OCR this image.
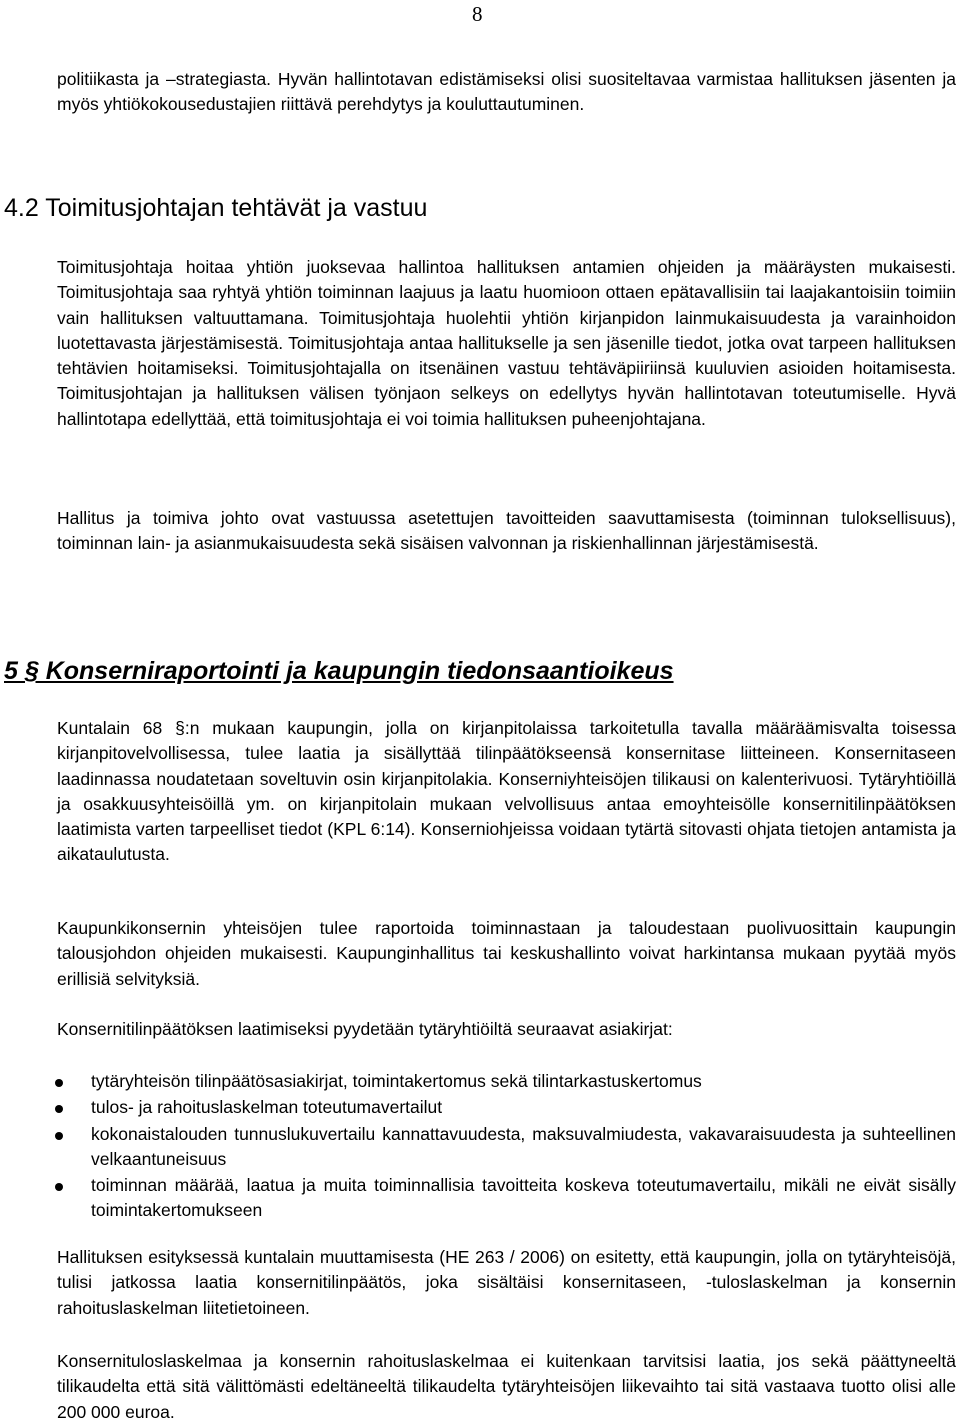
8
politiikasta ja –strategiasta. Hyvän hallintotavan edistämiseksi olisi suositeltavaa varmistaa hallituksen jäsenten ja myös yhtiökokousedustajien riittävä perehdytys ja kouluttautuminen.
4.2 Toimitusjohtajan tehtävät ja vastuu
Toimitusjohtaja hoitaa yhtiön juoksevaa hallintoa hallituksen antamien ohjeiden ja määräysten mukaisesti. Toimitusjohtaja saa ryhtyä yhtiön toiminnan laajuus ja laatu huomioon ottaen epätavallisiin tai laajakantoisiin toimiin vain hallituksen valtuuttamana. Toimitusjohtaja huolehtii yhtiön kirjanpidon lainmukaisuudesta ja varainhoidon luotettavasta järjestämisestä. Toimitusjohtaja antaa hallitukselle ja sen jäsenille tiedot, jotka ovat tarpeen hallituksen tehtävien hoitamiseksi. Toimitusjohtajalla on itsenäinen vastuu tehtäväpiiriinsä kuuluvien asioiden hoitamisesta. Toimitusjohtajan ja hallituksen välisen työnjaon selkeys on edellytys hyvän hallintotavan toteutumiselle. Hyvä hallintotapa edellyttää, että toimitusjohtaja ei voi toimia hallituksen puheenjohtajana.
Hallitus ja toimiva johto ovat vastuussa asetettujen tavoitteiden saavuttamisesta (toiminnan tuloksellisuus), toiminnan lain- ja asianmukaisuudesta sekä sisäisen valvonnan ja riskienhallinnan järjestämisestä.
5 § Konserniraportointi ja kaupungin tiedonsaantioikeus
Kuntalain 68 §:n mukaan kaupungin, jolla on kirjanpitolaissa tarkoitetulla tavalla määräämisvalta toisessa kirjanpitovelvollisessa, tulee laatia ja sisällyttää tilinpäätökseensä konsernitase liitteineen. Konsernitaseen laadinnassa noudatetaan soveltuvin osin kirjanpitolakia. Konserniyhteisöjen tilikausi on kalenterivuosi. Tytäryhtiöillä ja osakkuusyhteisöillä ym. on kirjanpitolain mukaan velvollisuus antaa emoyhteisölle konsernitilinpäätöksen laatimista varten tarpeelliset tiedot (KPL 6:14). Konserniohjeissa voidaan tytärtä sitovasti ohjata tietojen antamista ja aikataulutusta.
Kaupunkikonsernin yhteisöjen tulee raportoida toiminnastaan ja taloudestaan puolivuosittain kaupungin talousjohdon ohjeiden mukaisesti. Kaupunginhallitus tai keskushallinto voivat harkintansa mukaan pyytää myös erillisiä selvityksiä.
Konsernitilinpäätöksen laatimiseksi pyydetään tytäryhtiöiltä seuraavat asiakirjat:
tytäryhteisön tilinpäätösasiakirjat, toimintakertomus sekä tilintarkastuskertomus
tulos- ja rahoituslaskelman toteutumavertailut
kokonaistalouden tunnuslukuvertailu kannattavuudesta, maksuvalmiudesta, vakavaraisuudesta ja suhteellinen velkaantuneisuus
toiminnan määrää, laatua ja muita toiminnallisia tavoitteita koskeva toteutumavertailu, mikäli ne eivät sisälly toimintakertomukseen
Hallituksen esityksessä kuntalain muuttamisesta (HE 263 / 2006) on esitetty, että kaupungin, jolla on tytäryhteisöjä, tulisi jatkossa laatia konsernitilinpäätös, joka sisältäisi konsernitaseen, -tuloslaskelman ja konsernin rahoituslaskelman liitetietoineen.
Konsernituloslaskelmaa ja konsernin rahoituslaskelmaa ei kuitenkaan tarvitsisi laatia, jos sekä päättyneeltä tilikaudelta että sitä välittömästi edeltäneeltä tilikaudelta tytäryhteisöjen liikevaihto tai sitä vastaava tuotto olisi alle 200 000 euroa.
